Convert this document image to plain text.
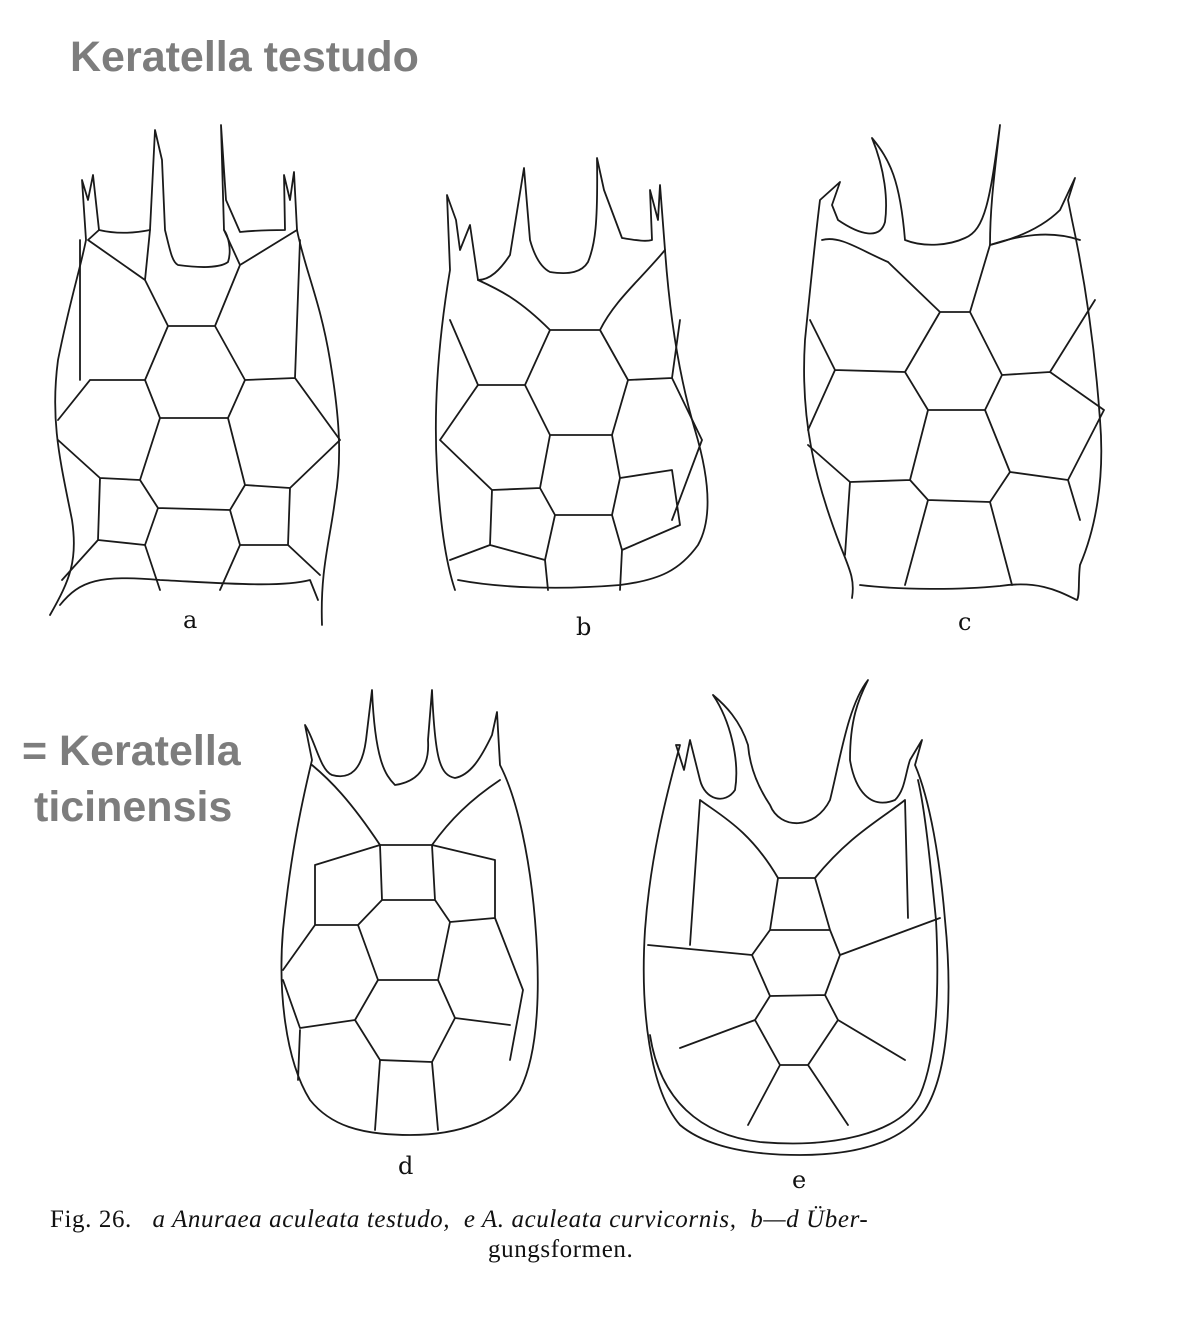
Keratella testudo
= Keratella
ticinensis
a	b	c
d	e
Fig. 26. a Anuraea aculeata testudo, e A. aculeata curvicornis, b—d Über-
gungsformen.
